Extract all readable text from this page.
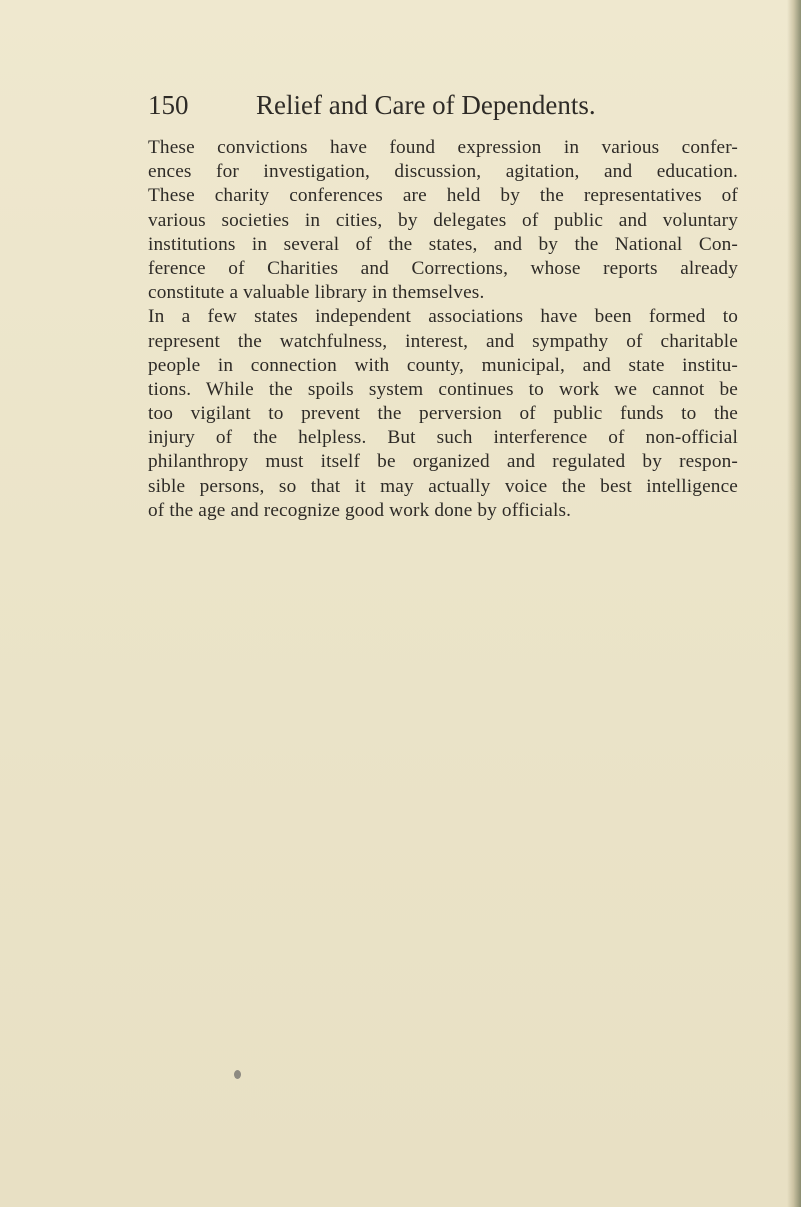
150	Relief and Care of Dependents.

These convictions have found expression in various confer-
ences for investigation, discussion, agitation, and education.
These charity conferences are held by the representatives of
various societies in cities, by delegates of public and voluntary
institutions in several of the states, and by the National Con-
ference of Charities and Corrections, whose reports already
constitute a valuable library in themselves.

In a few states independent associations have been formed to
represent the watchfulness, interest, and sympathy of charitable
people in connection with county, municipal, and state institu-
tions. While the spoils system continues to work we cannot be
too vigilant to prevent the perversion of public funds to the
injury of the helpless. But such interference of non-official
philanthropy must itself be organized and regulated by respon-
sible persons, so that it may actually voice the best intelligence
of the age and recognize good work done by officials.
